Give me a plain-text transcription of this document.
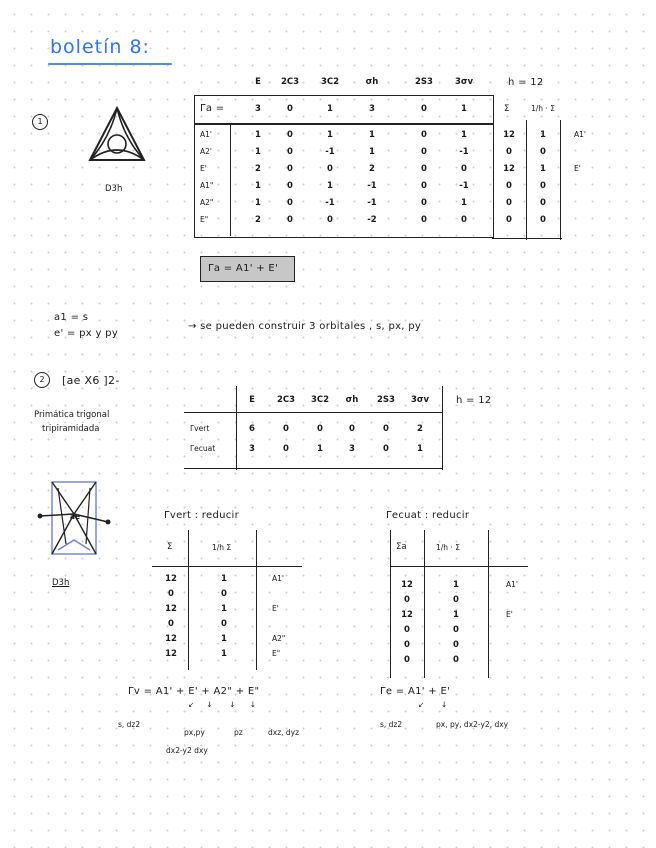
boletín 8:
1
D3h
E	2C3	3C2	σh	2S3	3σv	h = 12
Γa =	3	0	1	3	0	1
A1'	1	0	1	1	0	1
A2'	1	0	-1	1	0	-1
E'	2	0	0	2	0	0
A1"	1	0	1	-1	0	-1
A2"	1	0	-1	-1	0	1
E"	2	0	0	-2	0	0
Σ	1/h · Σ
12	1	A1'
0	0
12	1	E'
0	0
0	0
0	0
Γa = A1' + E'
a1 = s
e' = px y py
→ se pueden construir 3 orbitales , s, px, py
2	[ae X6 ]2-
Primática trigonal
tripiramidada
E	2C3	3C2	σh	2S3	3σv	h = 12
Γvert	6	0	0	0	0	2
Γecuat	3	0	1	3	0	1
ae
D3h
Γvert : reducir
Σ	1/h Σ
12	1	A1'
0	0
12	1	E'
0	0
12	1	A2"
12	1	E"
Γv = A1' + E' + A2" + E"
↙     ↓       ↓      ↓
s, dz2
px,py	pz	dxz, dyz
dx2-y2 dxy
Γecuat : reducir
Σa	1/h · Σ
12	1	A1'
0	0
12	1	E'
0	0
0	0
0	0
Γe = A1' + E'
↙       ↓
s, dz2	px, py, dx2-y2, dxy
